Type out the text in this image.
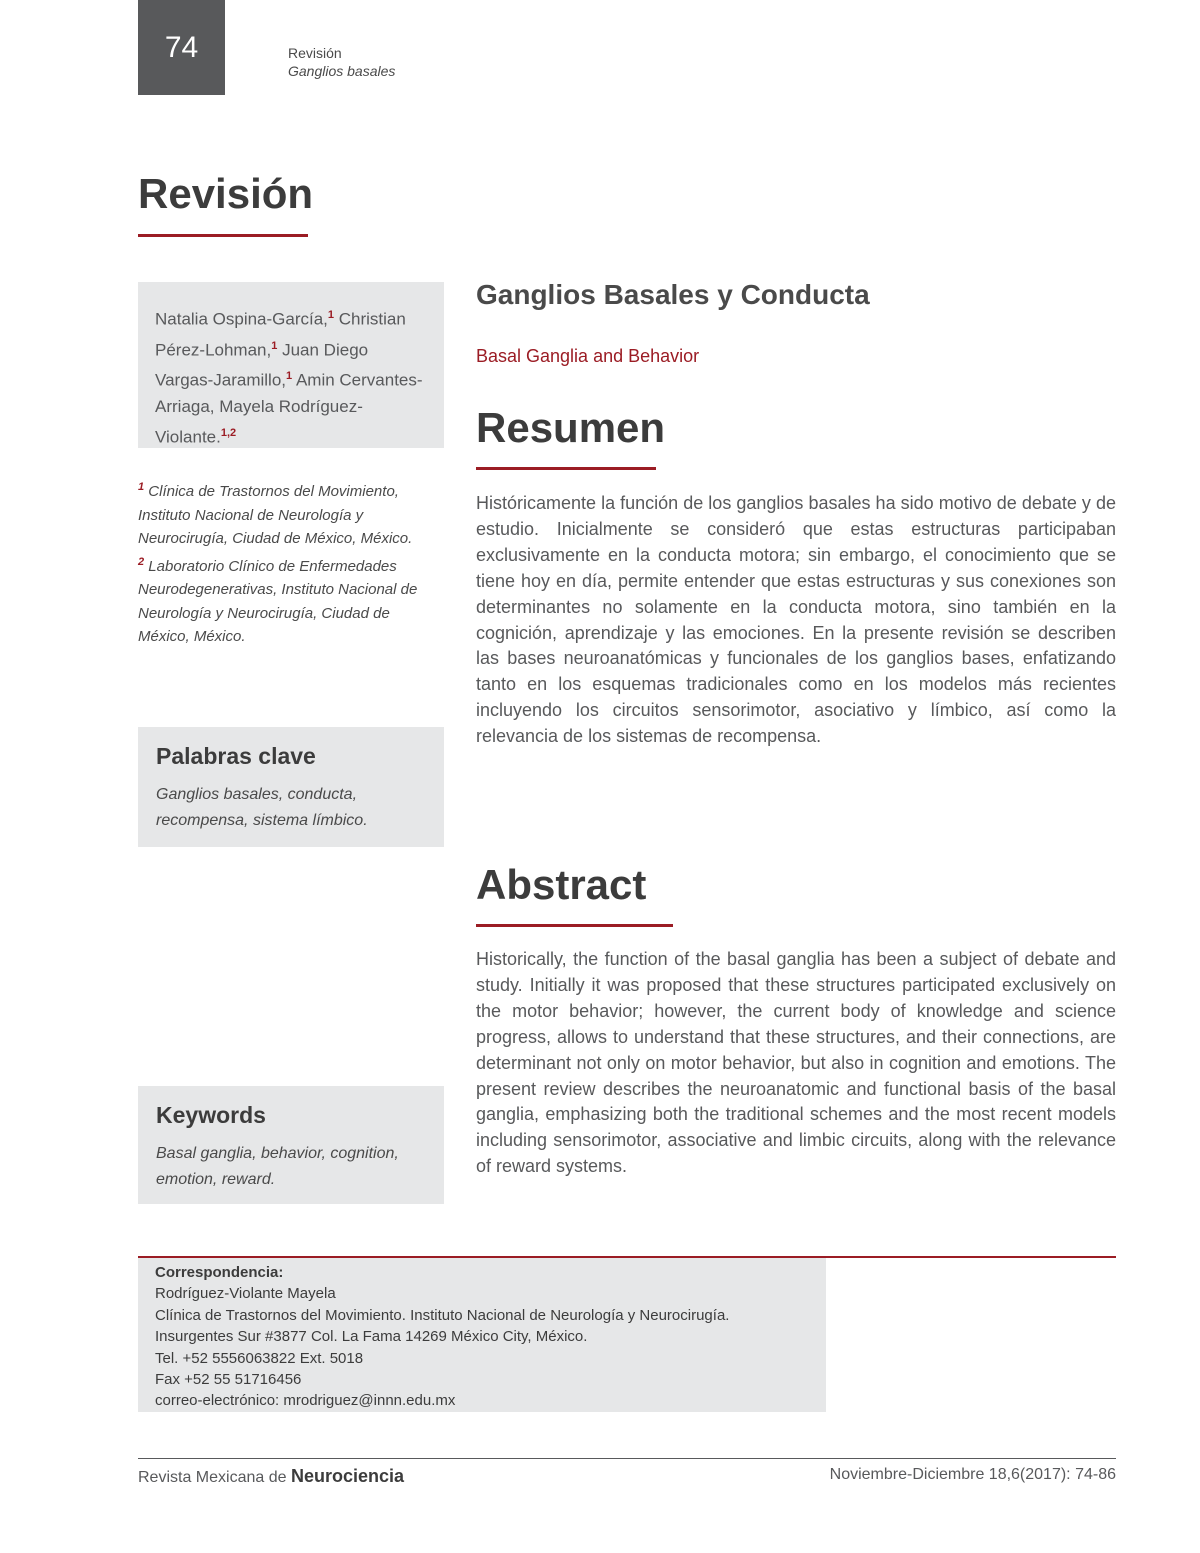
74	Revisión
Ganglios basales
Revisión
Natalia Ospina-García,$^1$ Christian Pérez-Lohman,$^1$ Juan Diego Vargas-Jaramillo,$^1$ Amin Cervantes-Arriaga, Mayela Rodríguez-Violante.$^{1,2}$

$^1$ Clínica de Trastornos del Movimiento, Instituto Nacional de Neurología y Neurocirugía, Ciudad de México, México.

$^2$ Laboratorio Clínico de Enfermedades Neurodegenerativas, Instituto Nacional de Neurología y Neurocirugía, Ciudad de México, México.

Palabras clave

Ganglios basales, conducta, recompensa, sistema límbico.

Keywords

Basal ganglia, behavior, cognition, emotion, reward.

Ganglios Basales y Conducta
Basal Ganglia and Behavior
Resumen
Históricamente la función de los ganglios basales ha sido motivo de debate y de estudio. Inicialmente se consideró que estas estructuras participaban exclusivamente en la conducta motora; sin embargo, el conocimiento que se tiene hoy en día, permite entender que estas estructuras y sus conexiones son determinantes no solamente en la conducta motora, sino también en la cognición, aprendizaje y las emociones. En la presente revisión se describen las bases neuroanatómicas y funcionales de los ganglios bases, enfatizando tanto en los esquemas tradicionales como en los modelos más recientes incluyendo los circuitos sensorimotor, asociativo y límbico, así como la relevancia de los sistemas de recompensa.
Abstract
Historically, the function of the basal ganglia has been a subject of debate and study. Initially it was proposed that these structures participated exclusively on the motor behavior; however, the current body of knowledge and science progress, allows to understand that these structures, and their connections, are determinant not only on motor behavior, but also in cognition and emotions. The present review describes the neuroanatomic and functional basis of the basal ganglia, emphasizing both the traditional schemes and the most recent models including sensorimotor, associative and limbic circuits, along with the relevance of reward systems.
Correspondencia:
Rodríguez-Violante Mayela
Clínica de Trastornos del Movimiento. Instituto Nacional de Neurología y Neurocirugía.
Insurgentes Sur #3877 Col. La Fama 14269 México City, México.
Tel. +52 5556063822 Ext. 5018
Fax +52 55 51716456
correo-electrónico: mrodriguez@innn.edu.mx
Revista Mexicana de Neurociencia	Noviembre-Diciembre 18,6(2017): 74-86
